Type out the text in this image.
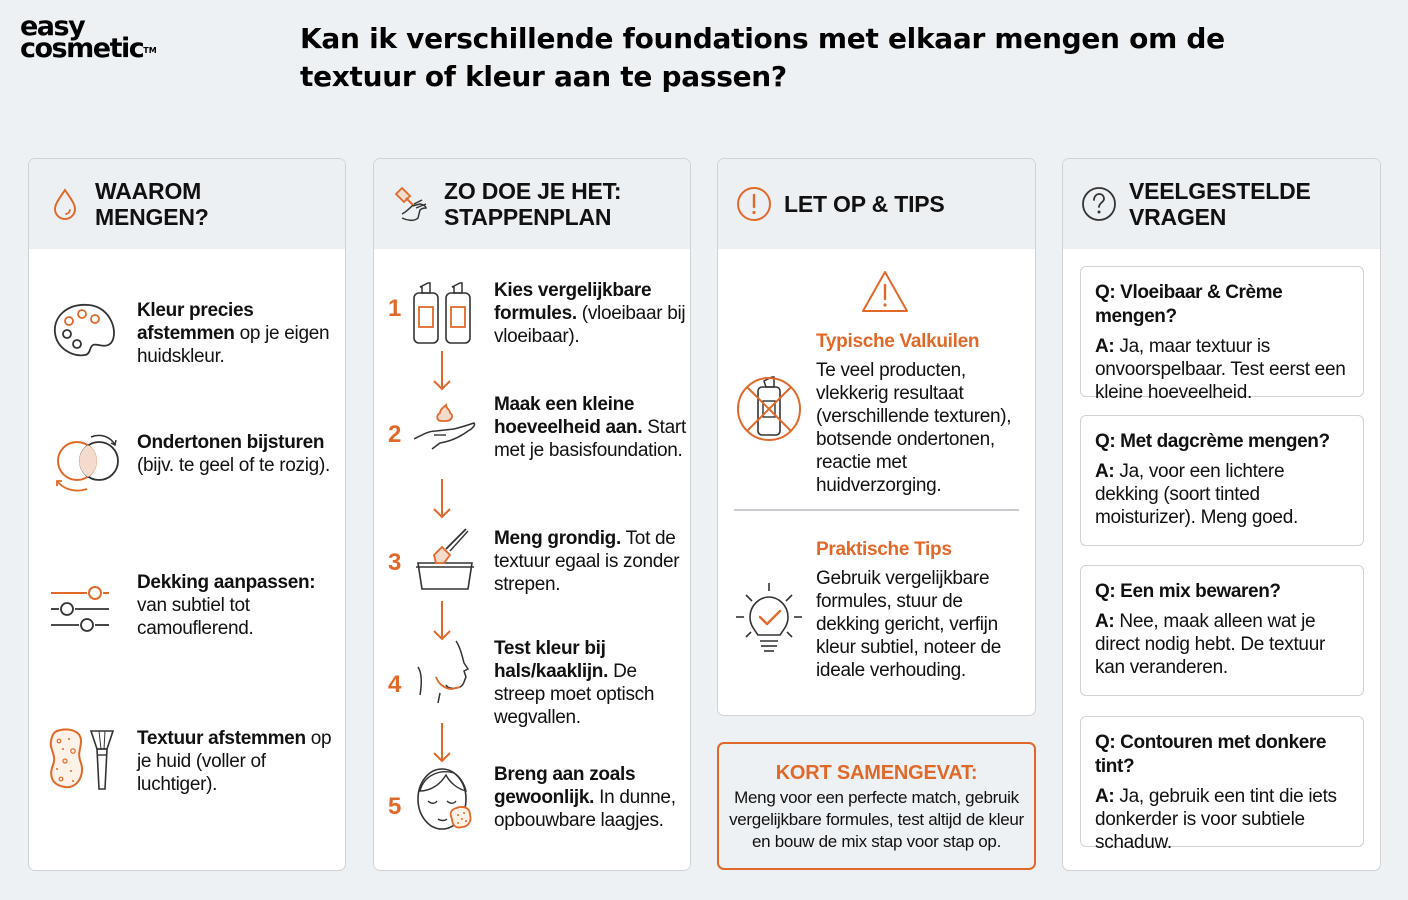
easy
cosmetic™	Kan ik verschillende foundations met elkaar mengen om de textuur of kleur aan te passen?
WAAROM MENGEN?
Kleur precies afstemmen op je eigen huidskleur.
Ondertonen bijsturen (bijv. te geel of te rozig).
Dekking aanpassen: van subtiel tot camouflerend.
Textuur afstemmen op je huid (voller of luchtiger).
ZO DOE JE HET: STAPPENPLAN
1
Kies vergelijkbare formules. (vloeibaar bij vloeibaar).
2
Maak een kleine hoeveelheid aan. Start met je basisfoundation.
3
Meng grondig. Tot de textuur egaal is zonder strepen.
4
Test kleur bij hals/kaaklijn. De streep moet optisch wegvallen.
5
Breng aan zoals gewoonlijk. In dunne, opbouwbare laagjes.
LET OP & TIPS
Typische Valkuilen
Te veel producten, vlekkerig resultaat (verschillende texturen), botsende ondertonen, reactie met huidverzorging.
Praktische Tips
Gebruik vergelijkbare formules, stuur de dekking gericht, verfijn kleur subtiel, noteer de ideale verhouding.
KORT SAMENGEVAT:
Meng voor een perfecte match, gebruik vergelijkbare formules, test altijd de kleur en bouw de mix stap voor stap op.
VEELGESTELDE VRAGEN
Q: Vloeibaar & Crème mengen?
A: Ja, maar textuur is onvoorspelbaar. Test eerst een kleine hoeveelheid.
Q: Met dagcrème mengen?
A: Ja, voor een lichtere dekking (soort tinted moisturizer). Meng goed.
Q: Een mix bewaren?
A: Nee, maak alleen wat je direct nodig hebt. De textuur kan veranderen.
Q: Contouren met donkere tint?
A: Ja, gebruik een tint die iets donkerder is voor subtiele schaduw.
